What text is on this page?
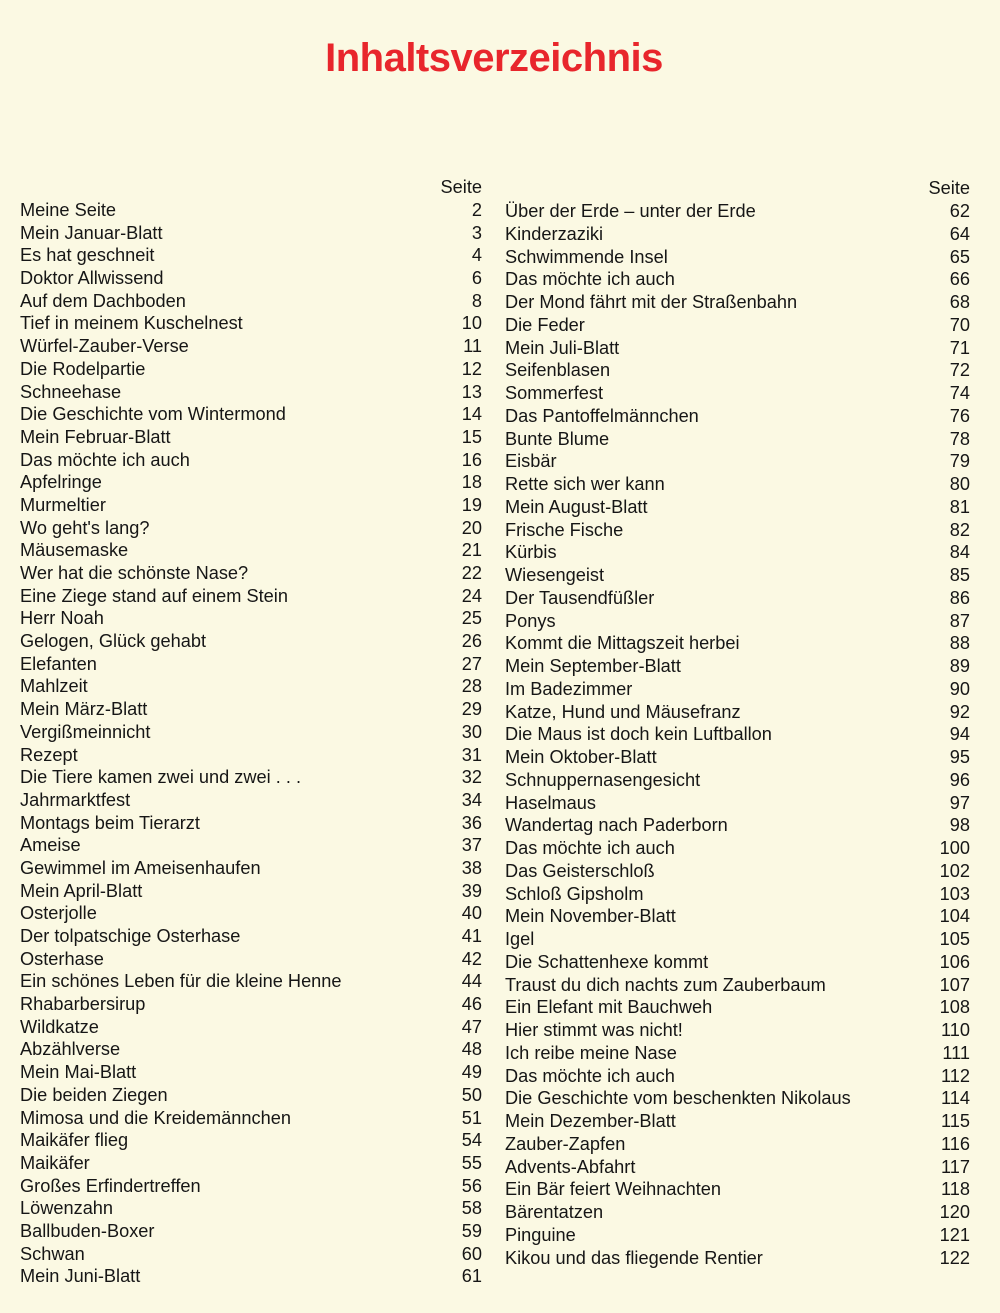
Inhaltsverzeichnis
Seite
Meine Seite	2
Mein Januar-Blatt	3
Es hat geschneit	4
Doktor Allwissend	6
Auf dem Dachboden	8
Tief in meinem Kuschelnest	10
Würfel-Zauber-Verse	11
Die Rodelpartie	12
Schneehase	13
Die Geschichte vom Wintermond	14
Mein Februar-Blatt	15
Das möchte ich auch	16
Apfelringe	18
Murmeltier	19
Wo geht's lang?	20
Mäusemaske	21
Wer hat die schönste Nase?	22
Eine Ziege stand auf einem Stein	24
Herr Noah	25
Gelogen, Glück gehabt	26
Elefanten	27
Mahlzeit	28
Mein März-Blatt	29
Vergißmeinnicht	30
Rezept	31
Die Tiere kamen zwei und zwei . . .	32
Jahrmarktfest	34
Montags beim Tierarzt	36
Ameise	37
Gewimmel im Ameisenhaufen	38
Mein April-Blatt	39
Osterjolle	40
Der tolpatschige Osterhase	41
Osterhase	42
Ein schönes Leben für die kleine Henne	44
Rhabarbersirup	46
Wildkatze	47
Abzählverse	48
Mein Mai-Blatt	49
Die beiden Ziegen	50
Mimosa und die Kreidemännchen	51
Maikäfer flieg	54
Maikäfer	55
Großes Erfindertreffen	56
Löwenzahn	58
Ballbuden-Boxer	59
Schwan	60
Mein Juni-Blatt	61
Seite
Über der Erde – unter der Erde	62
Kinderzaziki	64
Schwimmende Insel	65
Das möchte ich auch	66
Der Mond fährt mit der Straßenbahn	68
Die Feder	70
Mein Juli-Blatt	71
Seifenblasen	72
Sommerfest	74
Das Pantoffelmännchen	76
Bunte Blume	78
Eisbär	79
Rette sich wer kann	80
Mein August-Blatt	81
Frische Fische	82
Kürbis	84
Wiesengeist	85
Der Tausendfüßler	86
Ponys	87
Kommt die Mittagszeit herbei	88
Mein September-Blatt	89
Im Badezimmer	90
Katze, Hund und Mäusefranz	92
Die Maus ist doch kein Luftballon	94
Mein Oktober-Blatt	95
Schnuppernasengesicht	96
Haselmaus	97
Wandertag nach Paderborn	98
Das möchte ich auch	100
Das Geisterschloß	102
Schloß Gipsholm	103
Mein November-Blatt	104
Igel	105
Die Schattenhexe kommt	106
Traust du dich nachts zum Zauberbaum	107
Ein Elefant mit Bauchweh	108
Hier stimmt was nicht!	110
Ich reibe meine Nase	111
Das möchte ich auch	112
Die Geschichte vom beschenkten Nikolaus	114
Mein Dezember-Blatt	115
Zauber-Zapfen	116
Advents-Abfahrt	117
Ein Bär feiert Weihnachten	118
Bärentatzen	120
Pinguine	121
Kikou und das fliegende Rentier	122
